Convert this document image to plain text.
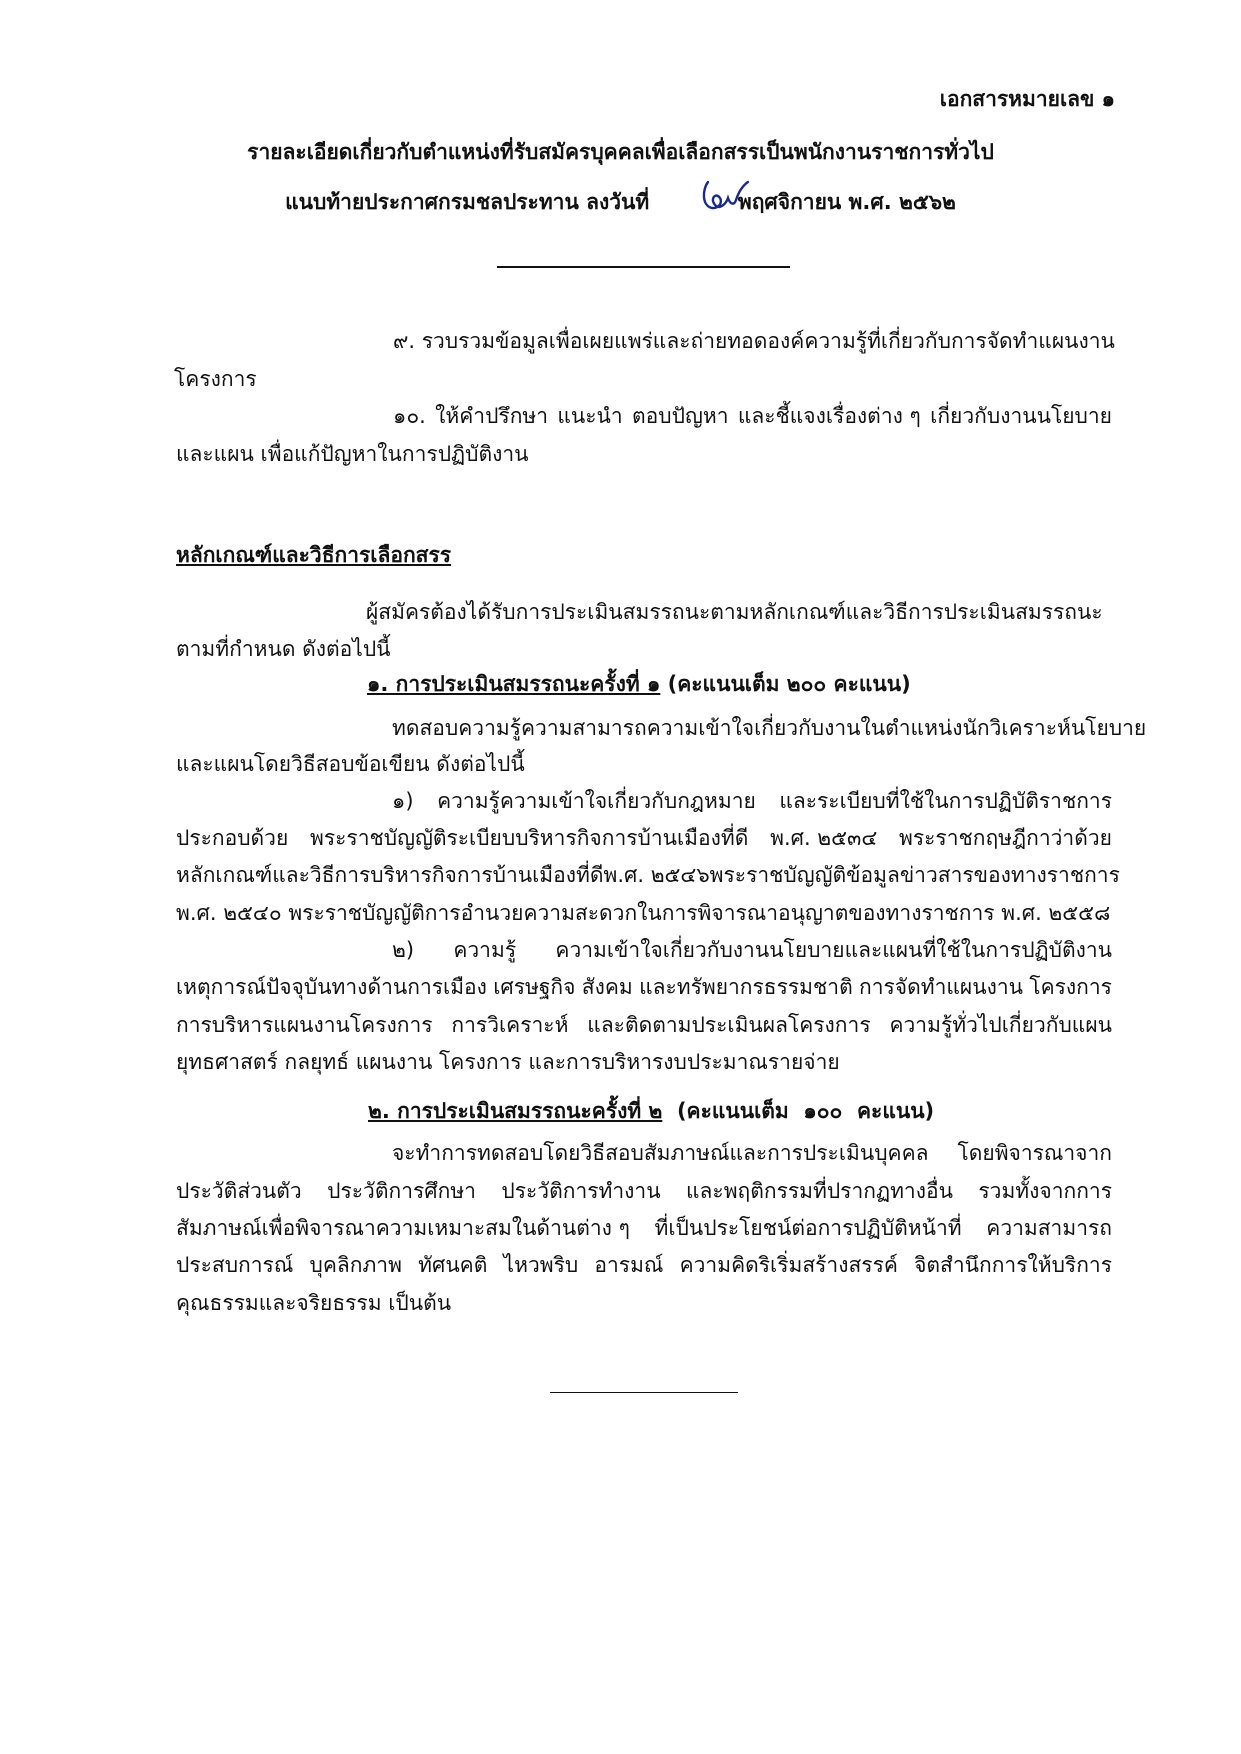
เอกสารหมายเลข ๑
รายละเอียดเกี่ยวกับตำแหน่งที่รับสมัครบุคคลเพื่อเลือกสรรเป็นพนักงานราชการทั่วไป
แนบท้ายประกาศกรมชลประทาน ลงวันที่ ๒๘ พฤศจิกายน พ.ศ. ๒๕๖๒
๙. รวบรวมข้อมูล เพื่อเผยแพร่และถ่ายทอดองค์ความรู้ที่เกี่ยวกับการจัดทำแผนงาน
โครงการ
๑๐. ให้คำปรึกษา แนะนำ ตอบปัญหา และชี้แจงเรื่องต่าง ๆ เกี่ยวกับงานนโยบาย
และแผน เพื่อแก้ปัญหาในการปฏิบัติงาน
หลักเกณฑ์และวิธีการเลือกสรร
ผู้สมัครต้องได้รับการประเมินสมรรถนะตามหลักเกณฑ์และวิธีการประเมินสมรรถนะ
ตามที่กำหนด ดังต่อไปนี้
๑. การประเมินสมรรถนะครั้งที่ ๑ (คะแนนเต็ม ๒๐๐ คะแนน)
ทดสอบความรู้ ความสามารถ ความเข้าใจเกี่ยวกับงานในตำแหน่งนักวิเคราะห์นโยบาย
และแผนโดยวิธีสอบข้อเขียน ดังต่อไปนี้
๑) ความรู้ความเข้าใจเกี่ยวกับกฎหมาย และระเบียบที่ใช้ในการปฏิบัติราชการ
ประกอบด้วย พระราชบัญญัติระเบียบบริหารกิจการบ้านเมืองที่ดี พ.ศ. ๒๕๓๔ พระราชกฤษฎีกาว่าด้วย
หลักเกณฑ์และวิธีการบริหารกิจการบ้านเมืองที่ดี พ.ศ. ๒๕๔๖ พระราชบัญญัติข้อมูลข่าวสารของทางราชการ
พ.ศ. ๒๕๔๐ พระราชบัญญัติการอำนวยความสะดวกในการพิจารณาอนุญาตของทางราชการ พ.ศ. ๒๕๕๘
๒) ความรู้ ความเข้าใจเกี่ยวกับงานนโยบายและแผนที่ใช้ในการปฏิบัติงาน
เหตุการณ์ปัจจุบันทางด้านการเมือง เศรษฐกิจ สังคม และทรัพยากรธรรมชาติ การจัดทำแผนงาน โครงการ
การบริหารแผนงานโครงการ การวิเคราะห์ และติดตามประเมินผลโครงการ ความรู้ทั่วไปเกี่ยวกับแผน
ยุทธศาสตร์ กลยุทธ์ แผนงาน โครงการ และการบริหารงบประมาณรายจ่าย
๒. การประเมินสมรรถนะครั้งที่ ๒  (คะแนนเต็ม  ๑๐๐  คะแนน)
จะทำการทดสอบโดยวิธีสอบสัมภาษณ์และการประเมินบุคคล โดยพิจารณาจาก
ประวัติส่วนตัว ประวัติการศึกษา ประวัติการทำงาน และพฤติกรรมที่ปรากฏทางอื่น รวมทั้งจากการ
สัมภาษณ์เพื่อพิจารณาความเหมาะสมในด้านต่าง ๆ ที่เป็นประโยชน์ต่อการปฏิบัติหน้าที่ ความสามารถ
ประสบการณ์ บุคลิกภาพ ทัศนคติ ไหวพริบ อารมณ์ ความคิดริเริ่มสร้างสรรค์ จิตสำนึกการให้บริการ
คุณธรรมและจริยธรรม เป็นต้น
